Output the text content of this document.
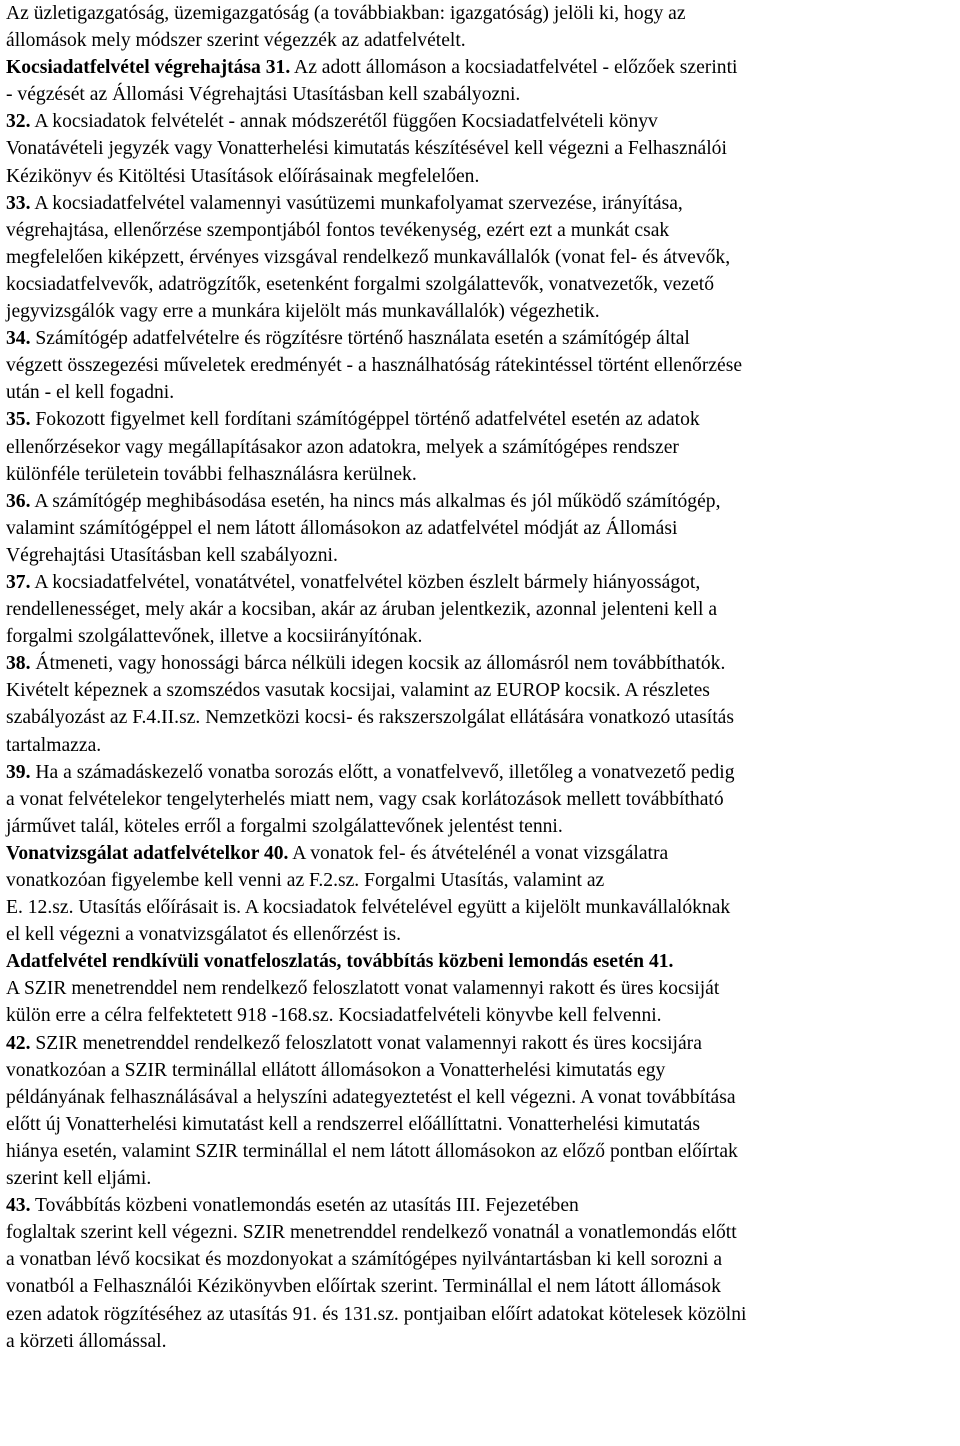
Az üzletigazgatóság, üzemigazgatóság (a továbbiakban: igazgatóság) jelöli ki, hogy az
állomások mely módszer szerint végezzék az adatfelvételt.
Kocsiadatfelvétel végrehajtása 31. Az adott állomáson a kocsiadatfelvétel - előzőek szerinti
- végzését az Állomási Végrehajtási Utasításban kell szabályozni.
32. A kocsiadatok felvételét - annak módszerétől függően Kocsiadatfelvételi könyv
Vonatávételi jegyzék vagy Vonatterhelési kimutatás készítésével kell végezni a Felhasználói
Kézikönyv és Kitöltési Utasítások előírásainak megfelelően.
33. A kocsiadatfelvétel valamennyi vasútüzemi munkafolyamat szervezése, irányítása,
végrehajtása, ellenőrzése szempontjából fontos tevékenység, ezért ezt a munkát csak
megfelelően kiképzett, érvényes vizsgával rendelkező munkavállalók (vonat fel- és átvevők,
kocsiadatfelvevők, adatrögzítők, esetenként forgalmi szolgálattevők, vonatvezetők, vezető
jegyvizsgálók vagy erre a munkára kijelölt más munkavállalók) végezhetik.
34. Számítógép adatfelvételre és rögzítésre történő használata esetén a számítógép által
végzett összegezési műveletek eredményét - a használhatóság rátekintéssel történt ellenőrzése
után - el kell fogadni.
35. Fokozott figyelmet kell fordítani számítógéppel történő adatfelvétel esetén az adatok
ellenőrzésekor vagy megállapításakor azon adatokra, melyek a számítógépes rendszer
különféle területein további felhasználásra kerülnek.
36. A számítógép meghibásodása esetén, ha nincs más alkalmas és jól működő számítógép,
valamint számítógéppel el nem látott állomásokon az adatfelvétel módját az Állomási
Végrehajtási Utasításban kell szabályozni.
37. A kocsiadatfelvétel, vonatátvétel, vonatfelvétel közben észlelt bármely hiányosságot,
rendellenességet, mely akár a kocsiban, akár az áruban jelentkezik, azonnal jelenteni kell a
forgalmi szolgálattevőnek, illetve a kocsiirányítónak.
38. Átmeneti, vagy honossági bárca nélküli idegen kocsik az állomásról nem továbbíthatók.
Kivételt képeznek a szomszédos vasutak kocsijai, valamint az EUROP kocsik. A részletes
szabályozást az F.4.II.sz. Nemzetközi kocsi- és rakszerszolgálat ellátására vonatkozó utasítás
tartalmazza.
39. Ha a számadáskezelő vonatba sorozás előtt, a vonatfelvevő, illetőleg a vonatvezető pedig
a vonat felvételekor tengelyterhelés miatt nem, vagy csak korlátozások mellett továbbítható
járművet talál, köteles erről a forgalmi szolgálattevőnek jelentést tenni.
Vonatvizsgálat adatfelvételkor 40. A vonatok fel- és átvételénél a vonat vizsgálatra
vonatkozóan figyelembe kell venni az F.2.sz. Forgalmi Utasítás, valamint az
E. 12.sz. Utasítás előírásait is. A kocsiadatok felvételével együtt a kijelölt munkavállalóknak
el kell végezni a vonatvizsgálatot és ellenőrzést is.
Adatfelvétel rendkívüli vonatfeloszlatás, továbbítás közbeni lemondás esetén 41.
A SZIR menetrenddel nem rendelkező feloszlatott vonat valamennyi rakott és üres kocsiját
külön erre a célra felfektetett 918 -168.sz. Kocsiadatfelvételi könyvbe kell felvenni.
42. SZIR menetrenddel rendelkező feloszlatott vonat valamennyi rakott és üres kocsijára
vonatkozóan a SZIR terminállal ellátott állomásokon a Vonatterhelési kimutatás egy
példányának felhasználásával a helyszíni adategyeztetést el kell végezni. A vonat továbbítása
előtt új Vonatterhelési kimutatást kell a rendszerrel előállíttatni. Vonatterhelési kimutatás
hiánya esetén, valamint SZIR terminállal el nem látott állomásokon az előző pontban előírtak
szerint kell eljámi.
43. Továbbítás közbeni vonatlemondás esetén az utasítás III. Fejezetében
foglaltak szerint kell végezni. SZIR menetrenddel rendelkező vonatnál a vonatlemondás előtt
a vonatban lévő kocsikat és mozdonyokat a számítógépes nyilvántartásban ki kell sorozni a
vonatból a Felhasználói Kézikönyvben előírtak szerint. Terminállal el nem látott állomások
ezen adatok rögzítéséhez az utasítás 91. és 131.sz. pontjaiban előírt adatokat kötelesek közölni
a körzeti állomással.
